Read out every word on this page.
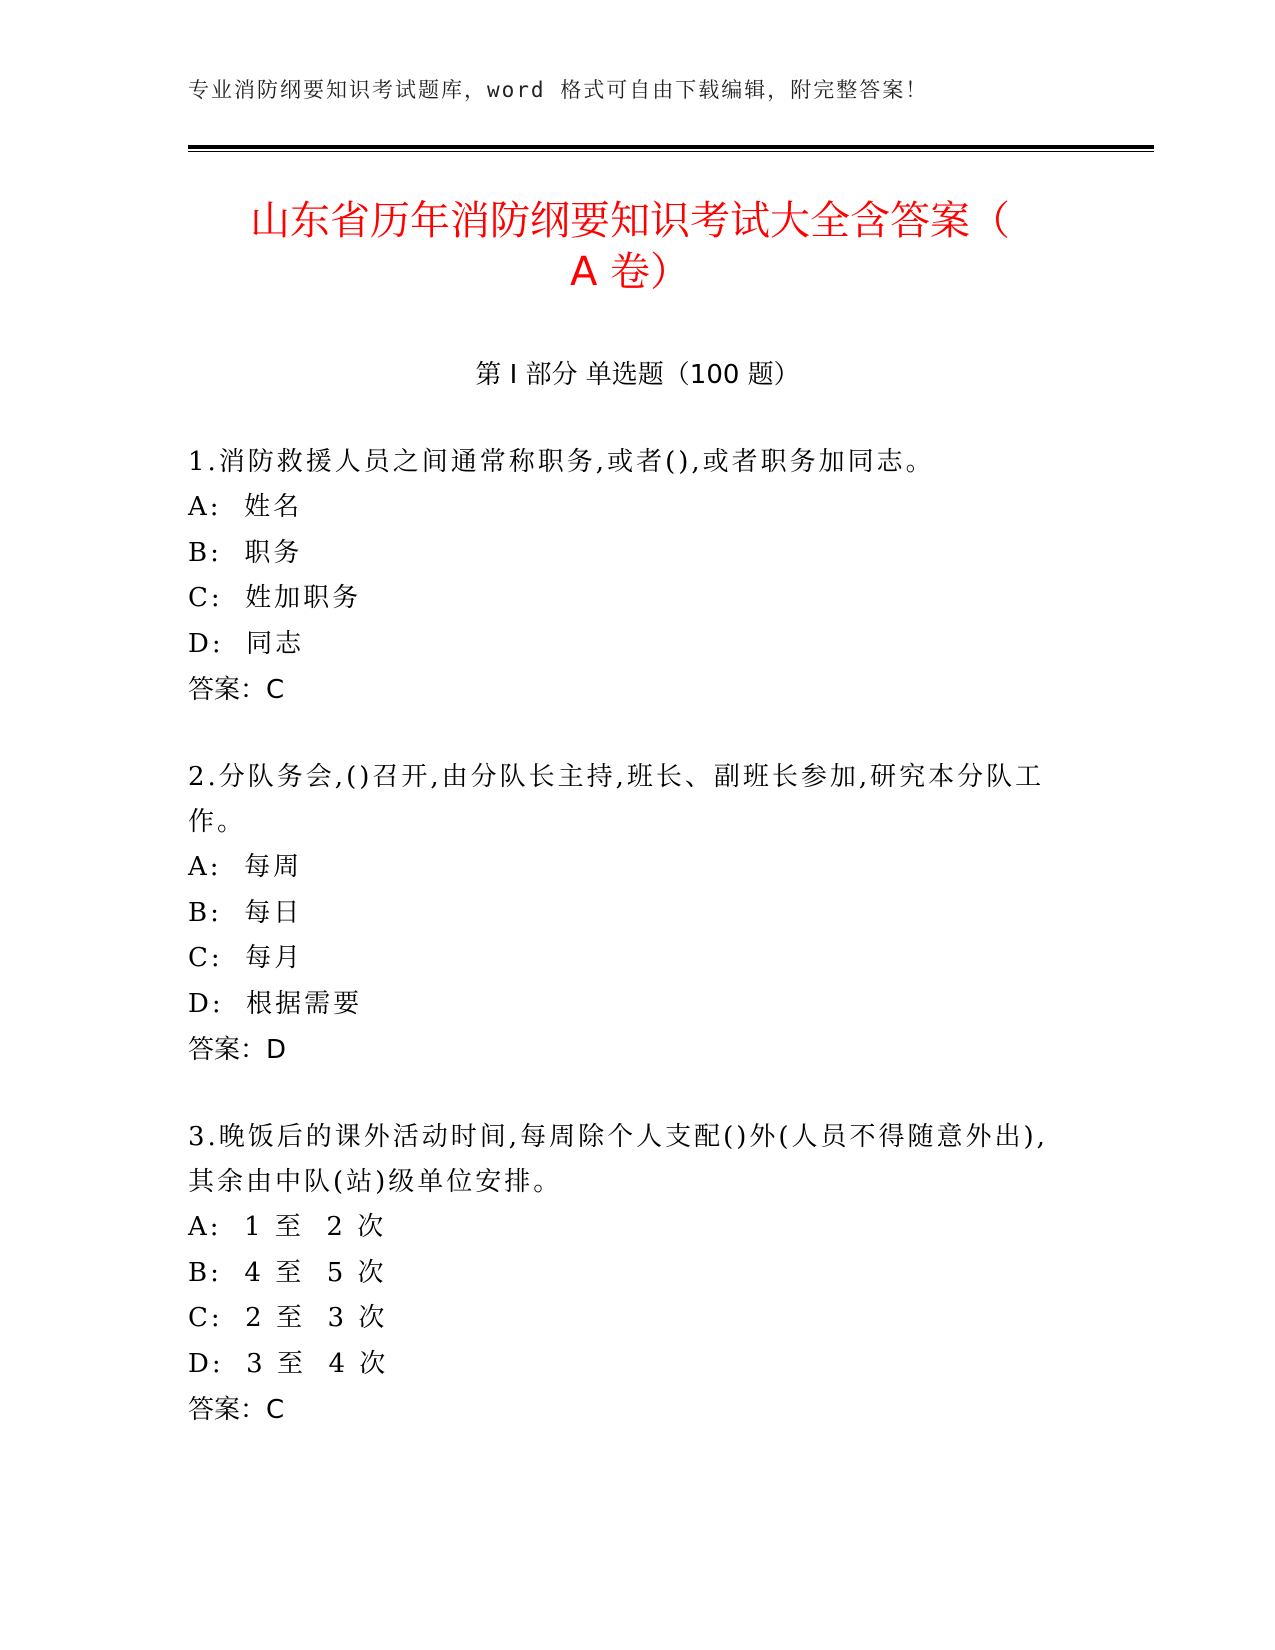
专业消防纲要知识考试题库，word 格式可自由下载编辑，附完整答案！
山东省历年消防纲要知识考试大全含答案（
A 卷）
第 I 部分 单选题（100 题）

1.消防救援人员之间通常称职务,或者(),或者职务加同志。

A:  姓名
B:  职务
C:  姓加职务
D:  同志
答案：C

2.分队务会,()召开,由分队长主持,班长、副班长参加,研究本分队工作。

A:  每周
B:  每日
C:  每月
D:  根据需要
答案：D

3.晚饭后的课外活动时间,每周除个人支配()外(人员不得随意外出),其余由中队(站)级单位安排。

A:  1 至  2 次
B:  4 至  5 次
C:  2 至  3 次
D:  3 至  4 次
答案：C
